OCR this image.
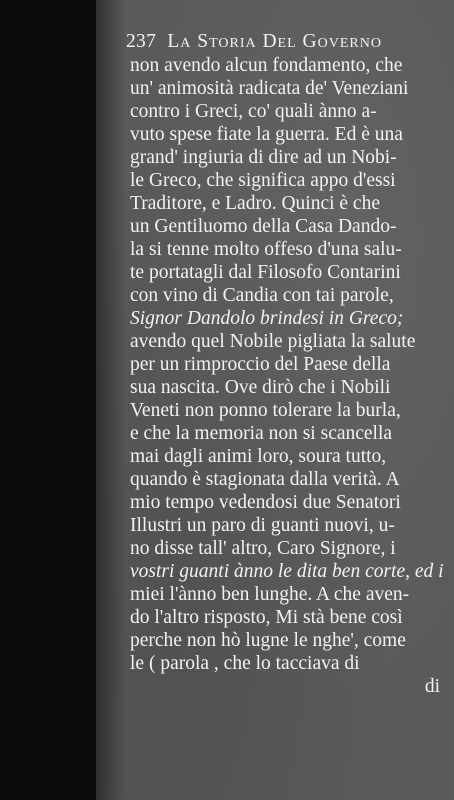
237 La Storia Del Governo
non avendo alcun fondamento, che
un' animosità radicata de' Veneziani
contro i Greci, co' quali ànno a-
vuto spese fiate la guerra. Ed è una
grand' ingiuria di dire ad un Nobi-
le Greco, che significa appo d'essi
Traditore, e Ladro. Quinci è che
un Gentiluomo della Casa Dando-
la si tenne molto offeso d'una salu-
te portatagli dal Filosofo Contarini
con vino di Candia con tai parole,
Signor Dandolo brindesi in Greco;
avendo quel Nobile pigliata la salute
per un rimproccio del Paese della
sua nascita. Ove dirò che i Nobili
Veneti non ponno tolerare la burla,
e che la memoria non si scancella
mai dagli animi loro, soura tutto,
quando è stagionata dalla verità. A
mio tempo vedendosi due Senatori
Illustri un paro di guanti nuovi, u-
no disse tall' altro, Caro Signore, i
vostri guanti ànno le dita ben corte, ed i
miei l'ànno ben lunghe. A che aven-
do l'altro risposto, Mi stà bene così
perche non hò lugne le nghe', come
le ( parola , che lo tacciava di
di
